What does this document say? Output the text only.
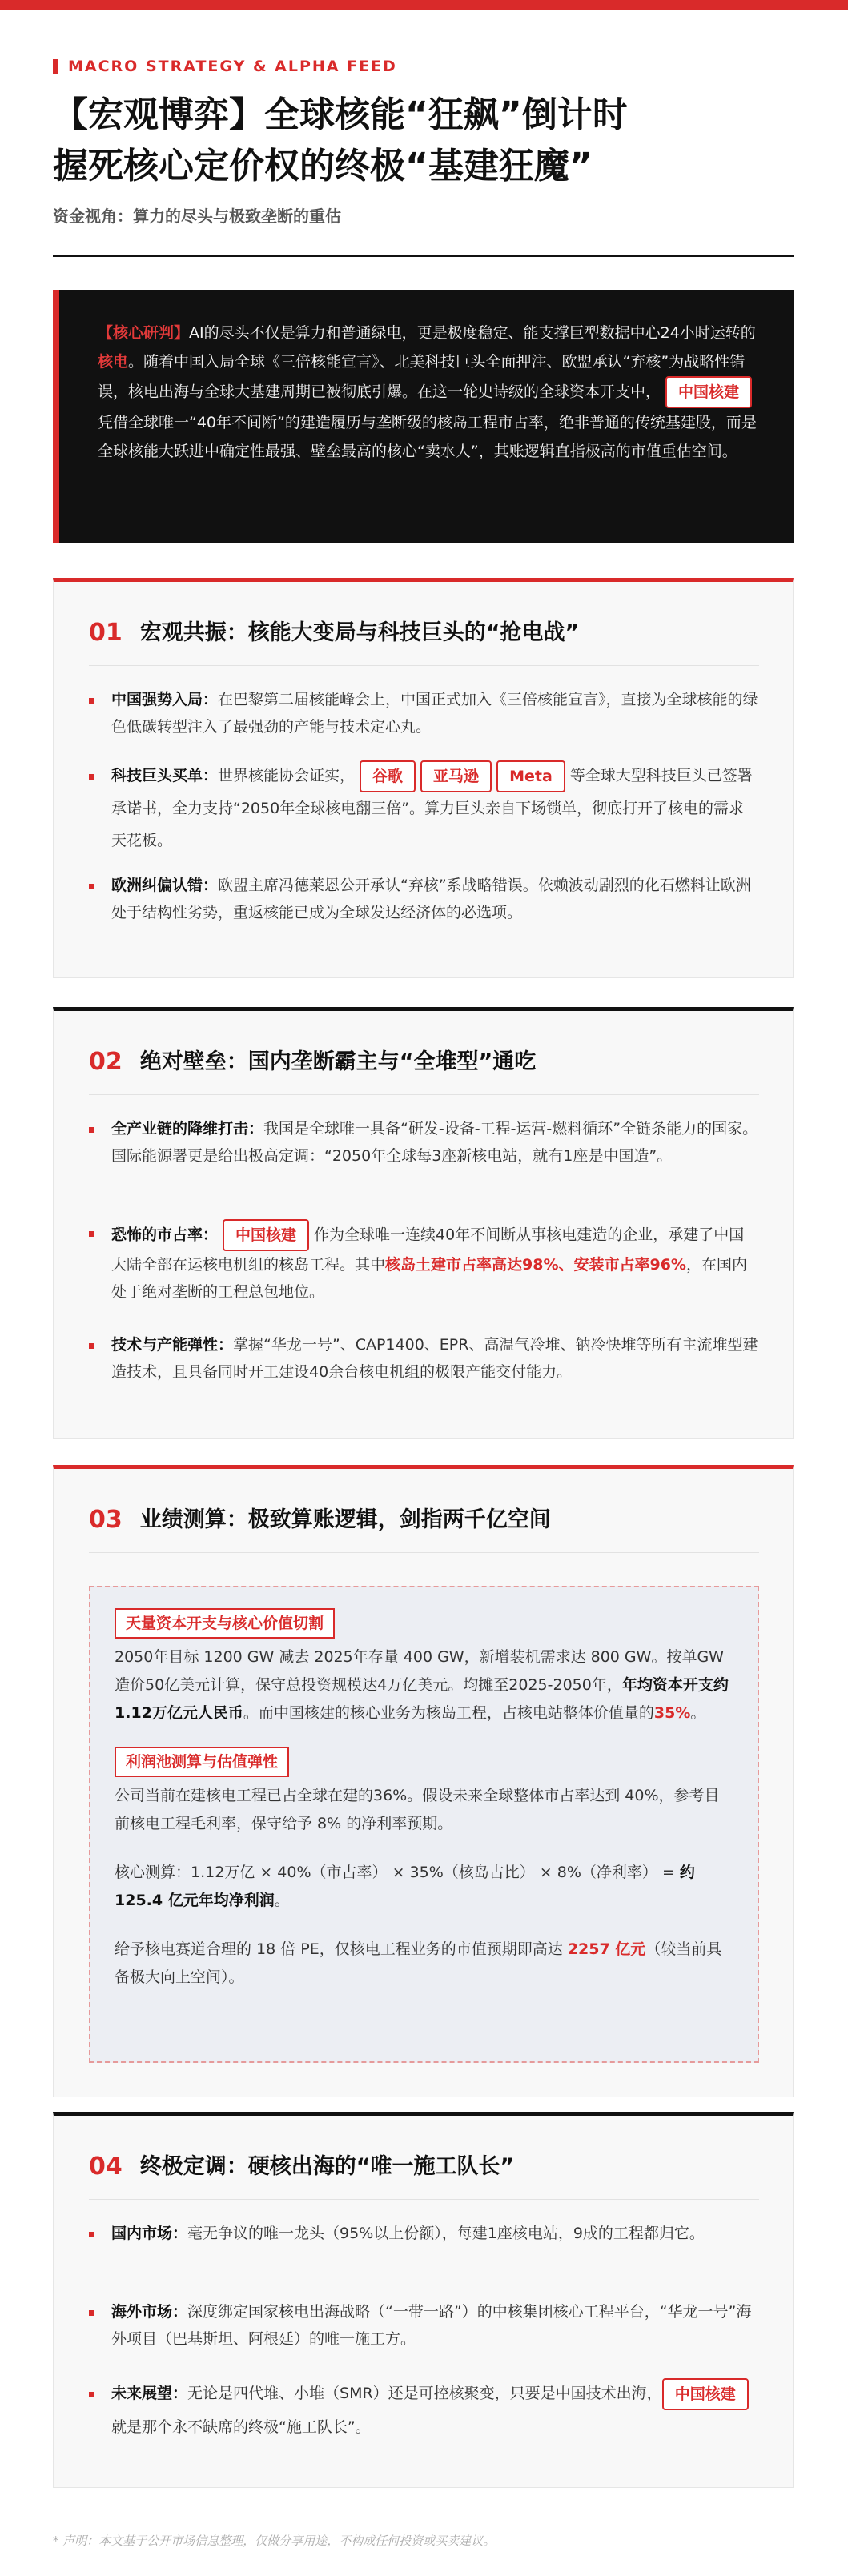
MACRO STRATEGY & ALPHA FEED
【宏观博弈】全球核能“狂飙”倒计时
握死核心定价权的终极“基建狂魔”
资金视角：算力的尽头与极致垄断的重估

【核心研判】AI的尽头不仅是算力和普通绿电，更是极度稳定、能支撑巨型数据中心24小时运转的核电。随着中国入局全球《三倍核能宣言》、北美科技巨头全面押注、欧盟承认“弃核”为战略性错误，核电出海与全球大基建周期已被彻底引爆。在这一轮史诗级的全球资本开支中， 中国核建凭借全球唯一“40年不间断”的建造履历与垄断级的核岛工程市占率，绝非普通的传统基建股，而是全球核能大跃进中确定性最强、壁垒最高的核心“卖水人”，其账逻辑直指极高的市值重估空间。

01 宏观共振：核能大变局与科技巨头的“抢电战”
中国强势入局：在巴黎第二届核能峰会上，中国正式加入《三倍核能宣言》，直接为全球核能的绿色低碳转型注入了最强劲的产能与技术定心丸。
科技巨头买单：世界核能协会证实， 谷歌 亚马逊 Meta 等全球大型科技巨头已签署承诺书，全力支持“2050年全球核电翻三倍”。算力巨头亲自下场锁单，彻底打开了核电的需求天花板。
欧洲纠偏认错：欧盟主席冯德莱恩公开承认“弃核”系战略错误。依赖波动剧烈的化石燃料让欧洲处于结构性劣势，重返核能已成为全球发达经济体的必选项。
02 绝对壁垒：国内垄断霸主与“全堆型”通吃
全产业链的降维打击：我国是全球唯一具备“研发-设备-工程-运营-燃料循环”全链条能力的国家。国际能源署更是给出极高定调：“2050年全球每3座新核电站，就有1座是中国造”。
恐怖的市占率： 中国核建 作为全球唯一连续40年不间断从事核电建造的企业，承建了中国大陆全部在运核电机组的核岛工程。其中核岛土建市占率高达98%、安装市占率96%，在国内处于绝对垄断的工程总包地位。
技术与产能弹性：掌握“华龙一号”、CAP1400、EPR、高温气冷堆、钠冷快堆等所有主流堆型建造技术，且具备同时开工建设40余台核电机组的极限产能交付能力。
03 业绩测算：极致算账逻辑，剑指两千亿空间
天量资本开支与核心价值切割

2050年目标 1200 GW 减去 2025年存量 400 GW，新增装机需求达 800 GW。按单GW造价50亿美元计算，保守总投资规模达4万亿美元。均摊至2025-2050年，年均资本开支约 1.12万亿元人民币。而中国核建的核心业务为核岛工程，占核电站整体价值量的35%。

利润池测算与估值弹性

公司当前在建核电工程已占全球在建的36%。假设未来全球整体市占率达到 40%，参考目前核电工程毛利率，保守给予 8% 的净利率预期。

核心测算：1.12万亿 × 40%（市占率） × 35%（核岛占比） × 8%（净利率） = 约 125.4 亿元年均净利润。

给予核电赛道合理的 18 倍 PE，仅核电工程业务的市值预期即高达 2257 亿元（较当前具备极大向上空间）。

04 终极定调：硬核出海的“唯一施工队长”
国内市场：毫无争议的唯一龙头（95%以上份额），每建1座核电站，9成的工程都归它。
海外市场：深度绑定国家核电出海战略（“一带一路”）的中核集团核心工程平台，“华龙一号”海外项目（巴基斯坦、阿根廷）的唯一施工方。
未来展望：无论是四代堆、小堆（SMR）还是可控核聚变，只要是中国技术出海， 中国核建就是那个永不缺席的终极“施工队长”。
* 声明：本文基于公开市场信息整理，仅做分享用途，不构成任何投资或买卖建议。
